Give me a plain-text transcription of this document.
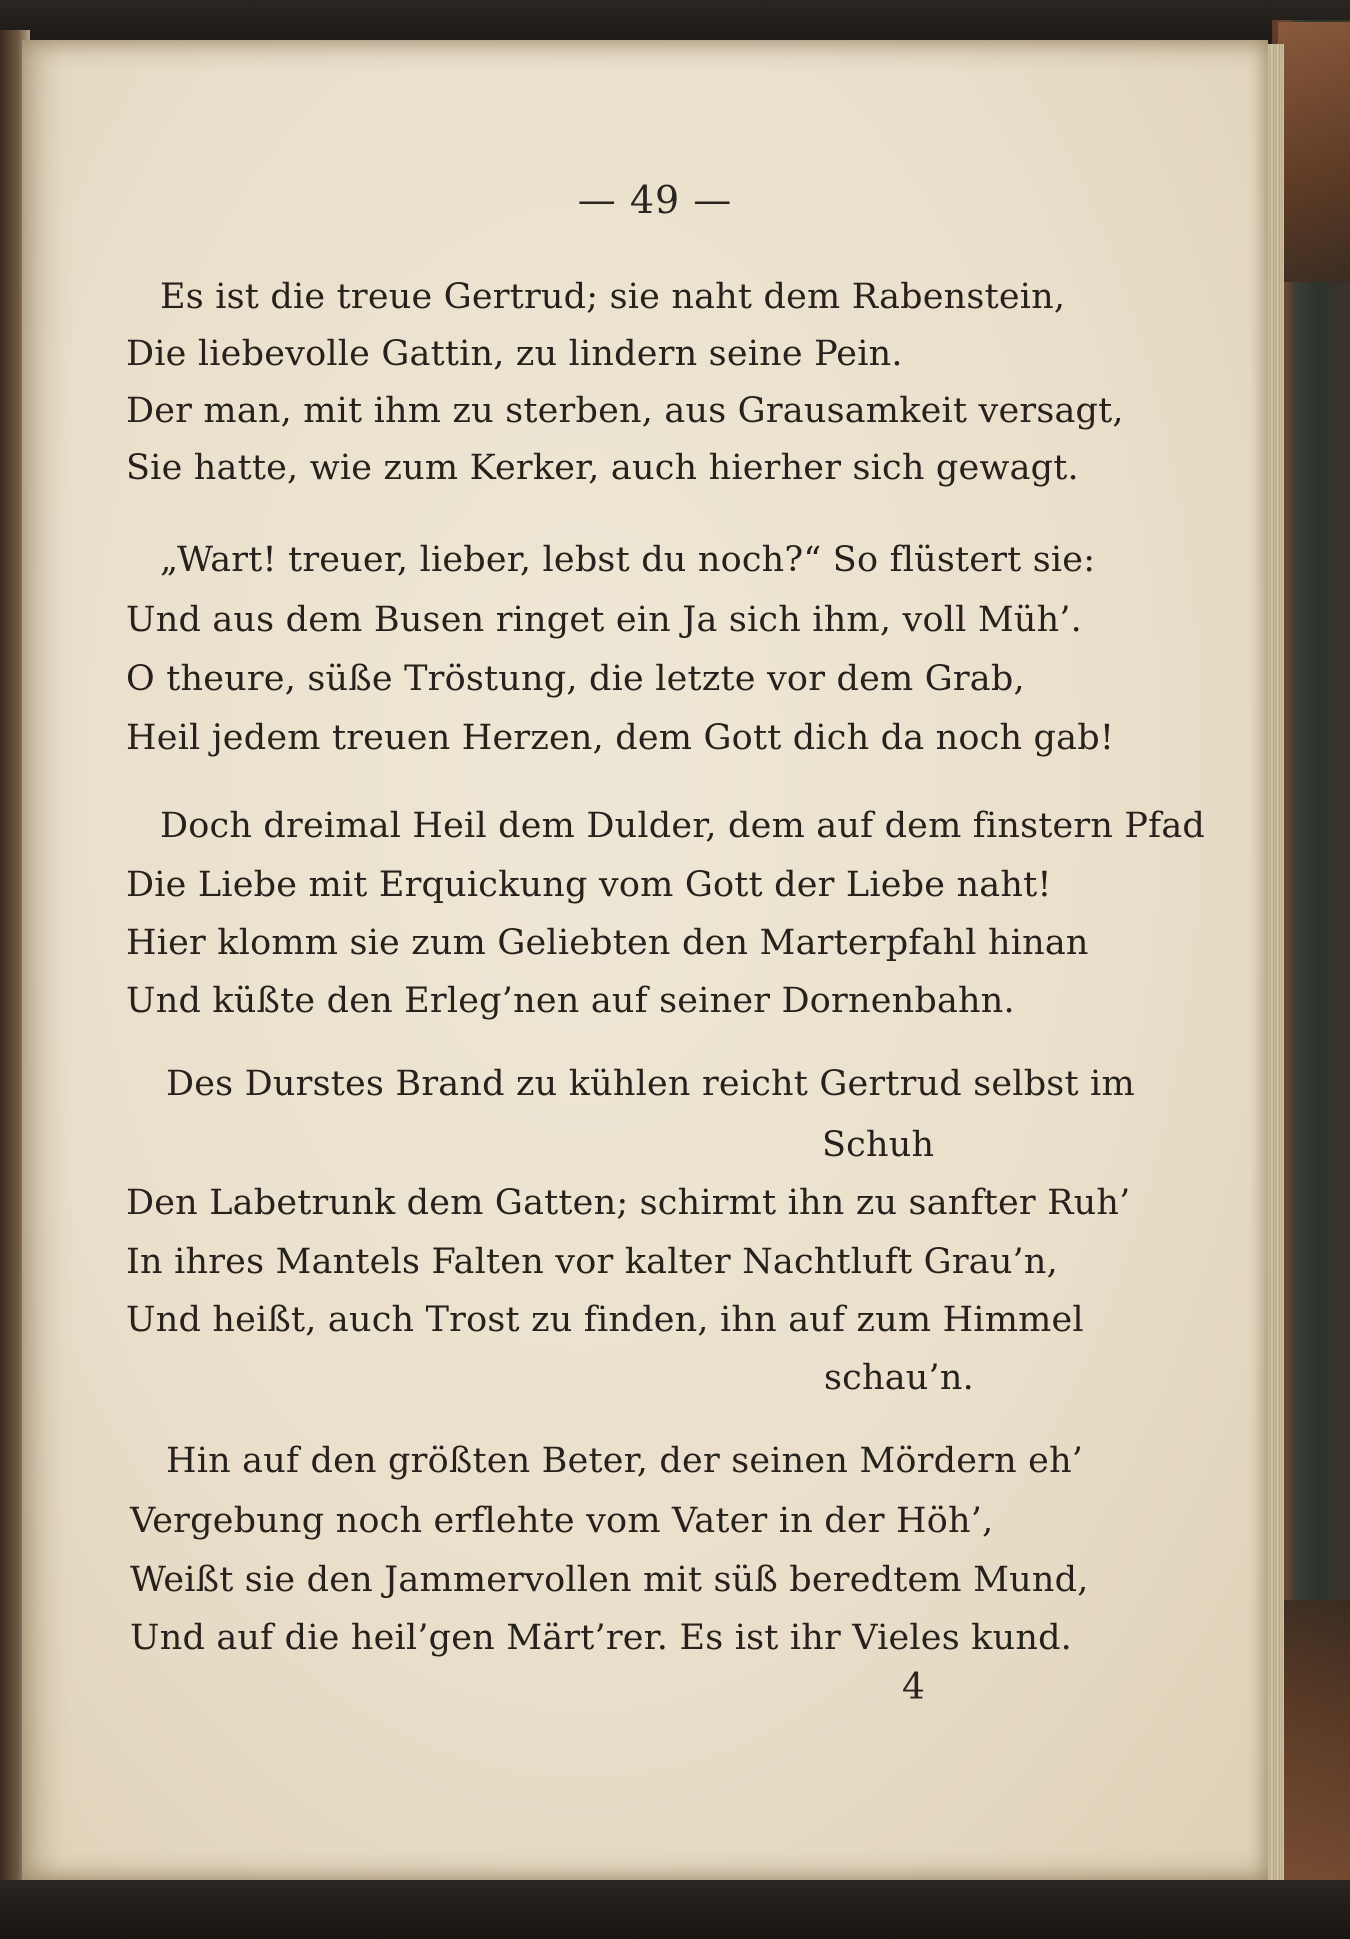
— 49 —
Es ist die treue Gertrud; sie naht dem Rabenstein,
Die liebevolle Gattin, zu lindern seine Pein.
Der man, mit ihm zu sterben, aus Grausamkeit versagt,
Sie hatte, wie zum Kerker, auch hierher sich gewagt.
„Wart! treuer, lieber, lebst du noch?“ So flüstert sie:
Und aus dem Busen ringet ein Ja sich ihm, voll Müh’.
O theure, süße Tröstung, die letzte vor dem Grab,
Heil jedem treuen Herzen, dem Gott dich da noch gab!
Doch dreimal Heil dem Dulder, dem auf dem finstern Pfad
Die Liebe mit Erquickung vom Gott der Liebe naht!
Hier klomm sie zum Geliebten den Marterpfahl hinan
Und küßte den Erleg’nen auf seiner Dornenbahn.
Des Durstes Brand zu kühlen reicht Gertrud selbst im
Schuh
Den Labetrunk dem Gatten; schirmt ihn zu sanfter Ruh’
In ihres Mantels Falten vor kalter Nachtluft Grau’n,
Und heißt, auch Trost zu finden, ihn auf zum Himmel
schau’n.
Hin auf den größten Beter, der seinen Mördern eh’
Vergebung noch erflehte vom Vater in der Höh’,
Weißt sie den Jammervollen mit süß beredtem Mund,
Und auf die heil’gen Märt’rer. Es ist ihr Vieles kund.
4
